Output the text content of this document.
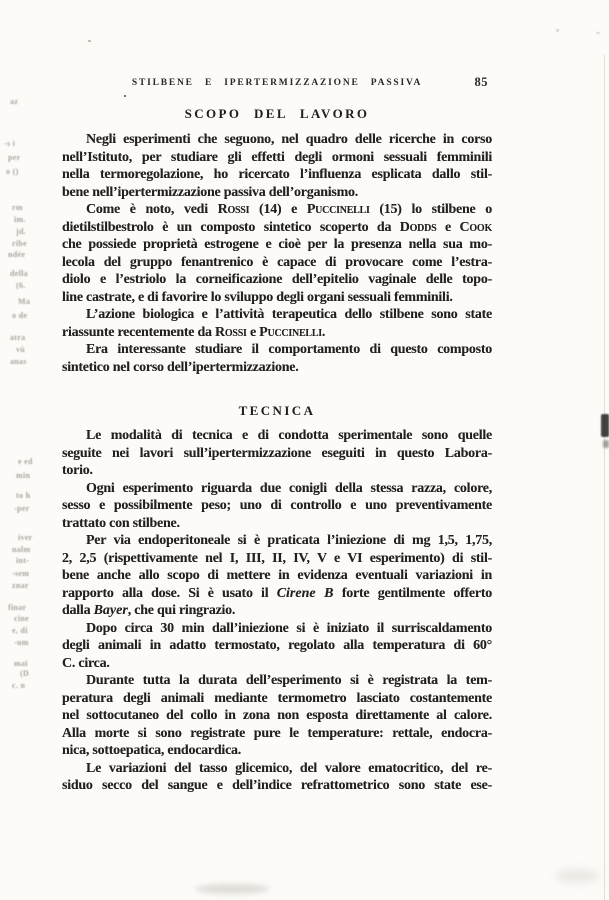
az
-s ì
per
o ()
rm
im.
jd.
ribe
ndée
della
(6.
Ma
o de
atra
vù
anas
e ed
min
to h
-per
iver
nalm
int-
-sem
znar
finar
cine
e, di
-um
mai
(D
c. n
STILBENE E IPERTERMIZZAZIONE PASSIVA	85
SCOPO DEL LAVORO
Negli esperimenti che seguono, nel quadro delle ricerche in corso
nell’Istituto, per studiare gli effetti degli ormoni sessuali femminili
nella termoregolazione, ho ricercato l’influenza esplicata dallo stil-
bene nell’ipertermizzazione passiva dell’organismo.
Come è noto, vedi Rossi (14) e Puccinelli (15) lo stilbene o
dietilstilbestrolo è un composto sintetico scoperto da Dodds e Cook
che possiede proprietà estrogene e cioè per la presenza nella sua mo-
lecola del gruppo fenantrenico è capace di provocare come l’estra-
diolo e l’estriolo la corneificazione dell’epitelio vaginale delle topo-
line castrate, e di favorire lo sviluppo degli organi sessuali femminili.
L’azione biologica e l’attività terapeutica dello stilbene sono state
riassunte recentemente da Rossi e Puccinelli.
Era interessante studiare il comportamento di questo composto
sintetico nel corso dell’ipertermizzazione.
TECNICA
Le modalità di tecnica e di condotta sperimentale sono quelle
seguite nei lavori sull’ipertermizzazione eseguiti in questo Labora-
torio.
Ogni esperimento riguarda due conigli della stessa razza, colore,
sesso e possibilmente peso; uno di controllo e uno preventivamente
trattato con stilbene.
Per via endoperitoneale si è praticata l’iniezione di mg 1,5, 1,75,
2, 2,5 (rispettivamente nel I, III, II, IV, V e VI esperimento) di stil-
bene anche allo scopo di mettere in evidenza eventuali variazioni in
rapporto alla dose. Si è usato il Cirene B forte gentilmente offerto
dalla Bayer, che qui ringrazio.
Dopo circa 30 min dall’iniezione si è iniziato il surriscaldamento
degli animali in adatto termostato, regolato alla temperatura di 60°
C. circa.
Durante tutta la durata dell’esperimento si è registrata la tem-
peratura degli animali mediante termometro lasciato costantemente
nel sottocutaneo del collo in zona non esposta direttamente al calore.
Alla morte si sono registrate pure le temperature: rettale, endocra-
nica, sottoepatica, endocardica.
Le variazioni del tasso glicemico, del valore ematocritico, del re-
siduo secco del sangue e dell’indice refrattometrico sono state ese-
